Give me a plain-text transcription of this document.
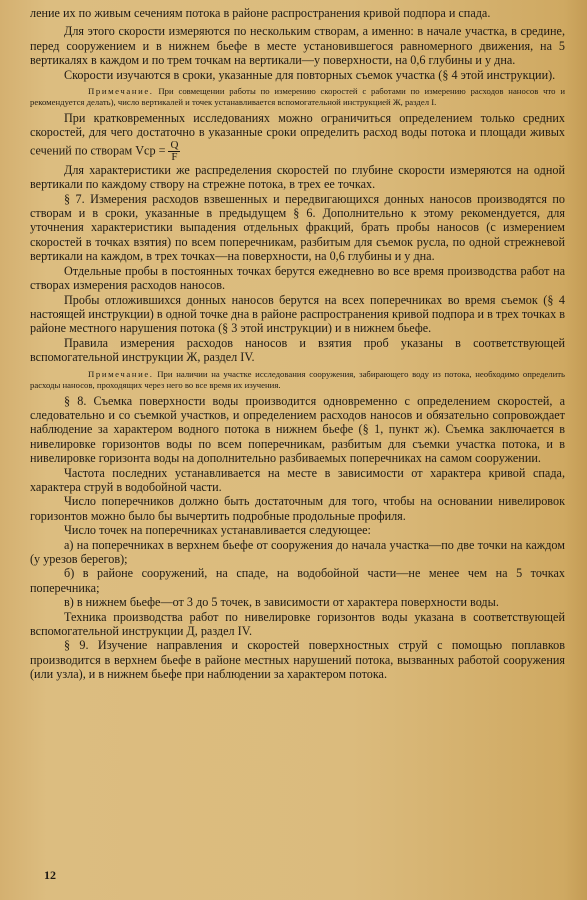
ление их по живым сечениям потока в районе распространения кривой подпора и спада.

Для этого скорости измеряются по нескольким створам, а именно: в начале участка, в средине, перед сооружением и в нижнем бьефе в месте установившегося равномерного движения, на 5 вертикалях в каждом и по трем точкам на вертикали—у поверхности, на 0,6 глубины и у дна.

Скорости изучаются в сроки, указанные для повторных съемок участка (§ 4 этой инструкции).

Примечание. При совмещении работы по измерению скоростей с работами по измерению расходов наносов что и рекомендуется делать), число вертикалей и точек устанавливается вспомогательной инструкцией Ж, раздел I.

При кратковременных исследованиях можно ограничиться определением только средних скоростей, для чего достаточно в указанные сроки определить расход воды потока и площади живых сечений по створам Vср = $\frac{Q}{F}$

Для характеристики же распределения скоростей по глубине скорости измеряются на одной вертикали по каждому створу на стрежне потока, в трех ее точках.

§ 7. Измерения расходов взвешенных и передвигающихся донных наносов производятся по створам и в сроки, указанные в предыдущем § 6. Дополнительно к этому рекомендуется, для уточнения характеристики выпадения отдельных фракций, брать пробы наносов (с измерением скоростей в точках взятия) по всем поперечникам, разбитым для съемок русла, по одной стрежневой вертикали на каждом, в трех точках—на поверхности, на 0,6 глубины и у дна.

Отдельные пробы в постоянных точках берутся ежедневно во все время производства работ на створах измерения расходов наносов.

Пробы отложившихся донных наносов берутся на всех поперечниках во время съемок (§ 4 настоящей инструкции) в одной точке дна в районе распространения кривой подпора и в трех точках в районе местного нарушения потока (§ 3 этой инструкции) и в нижнем бьефе.

Правила измерения расходов наносов и взятия проб указаны в соответствующей вспомогательной инструкции Ж, раздел IV.

Примечание. При наличии на участке исследования сооружения, забирающего воду из потока, необходимо определить расходы наносов, проходящих через него во все время их изучения.

§ 8. Съемка поверхности воды производится одновременно с определением скоростей, а следовательно и со съемкой участков, и определением расходов наносов и обязательно сопровождает наблюдение за характером водного потока в нижнем бьефе (§ 1, пункт ж). Съемка заключается в нивелировке горизонтов воды по всем поперечникам, разбитым для съемки участка потока, и в нивелировке горизонта воды на дополнительно разбиваемых поперечниках на самом сооружении.

Частота последних устанавливается на месте в зависимости от характера кривой спада, характера струй в водобойной части.

Число поперечников должно быть достаточным для того, чтобы на основании нивелировок горизонтов можно было бы вычертить подробные продольные профиля.

Число точек на поперечниках устанавливается следующее:

а) на поперечниках в верхнем бьефе от сооружения до начала участка—по две точки на каждом (у урезов берегов);

б) в районе сооружений, на спаде, на водобойной части—не менее чем на 5 точках поперечника;

в) в нижнем бьефе—от 3 до 5 точек, в зависимости от характера поверхности воды.

Техника производства работ по нивелировке горизонтов воды указана в соответствующей вспомогательной инструкции Д, раздел IV.

§ 9. Изучение направления и скоростей поверхностных струй с помощью поплавков производится в верхнем бьефе в районе местных нарушений потока, вызванных работой сооружения (или узла), и в нижнем бьефе при наблюдении за характером потока.

12
